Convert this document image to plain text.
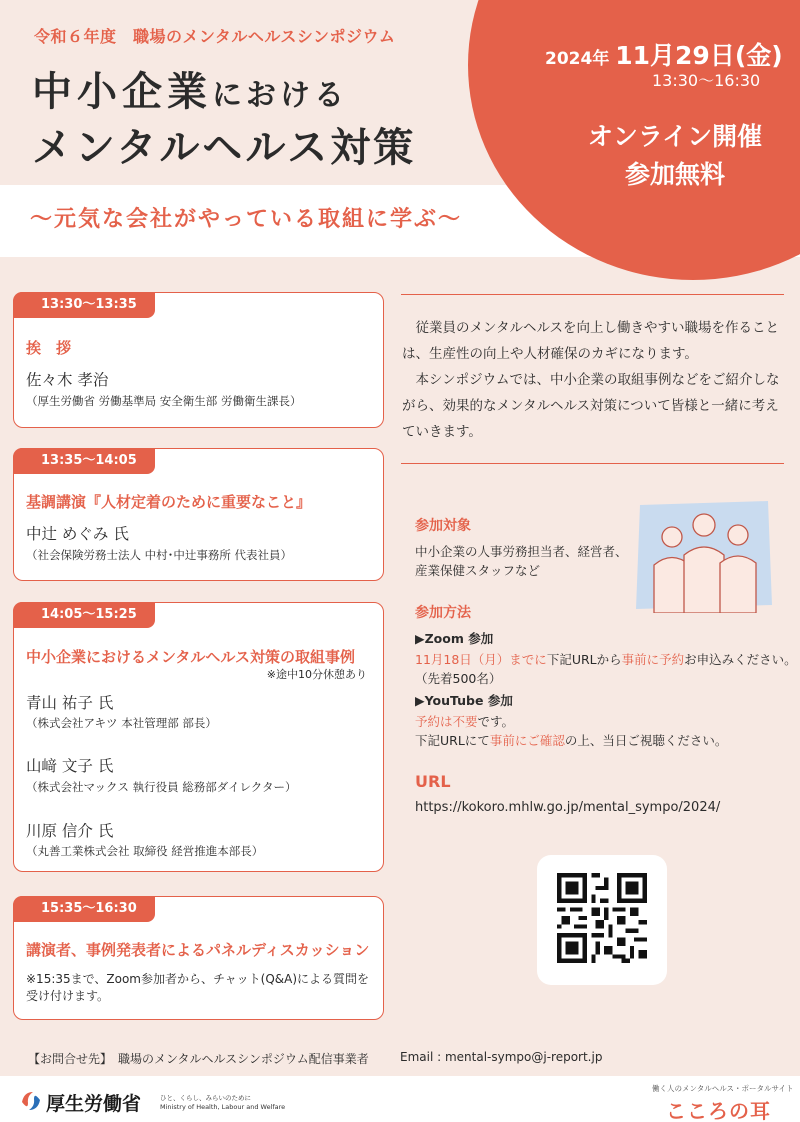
令和６年度　職場のメンタルヘルスシンポジウム
中小企業における
メンタルヘルス対策
〜元気な会社がやっている取組に学ぶ〜
2024年 11月29日(金)
13:30〜16:30
オンライン開催
参加無料
13:30〜13:35
挨　拶
佐々木 孝治
（厚生労働省 労働基準局 安全衛生部 労働衛生課長）
13:35〜14:05
基調講演『人材定着のために重要なこと』
中辻 めぐみ 氏
（社会保険労務士法人 中村･中辻事務所 代表社員）
14:05〜15:25
中小企業におけるメンタルヘルス対策の取組事例
※途中10分休憩あり
青山 祐子 氏
（株式会社アキツ 本社管理部 部長）
山﨑 文子 氏
（株式会社マックス 執行役員 総務部ダイレクター）
川原 信介 氏
（丸善工業株式会社 取締役 経営推進本部長）
15:35〜16:30
講演者、事例発表者によるパネルディスカッション
※15:35まで、Zoom参加者から、チャット(Q&A)による質問を受け付けます。

従業員のメンタルヘルスを向上し働きやすい職場を作ることは、生産性の向上や人材確保のカギになります。

本シンポジウムでは、中小企業の取組事例などをご紹介しながら、効果的なメンタルヘルス対策について皆様と一緒に考えていきます。

参加対象
中小企業の人事労務担当者、経営者、
産業保健スタッフなど
参加方法
▶Zoom 参加
11月18日（月）までに下記URLから事前に予約お申込みください。
（先着500名）
▶YouTube 参加
予約は不要です。
下記URLにて事前にご確認の上、当日ご視聴ください。
URL
https://kokoro.mhlw.go.jp/mental_sympo/2024/
【お問合せ先】　職場のメンタルヘルスシンポジウム配信事業者	Email : mental-sympo@j-report.jp
厚生労働省	ひと、くらし、みらいのために
Ministry of Health, Labour and Welfare
働く人のメンタルヘルス・ポータルサイト
こころの耳
